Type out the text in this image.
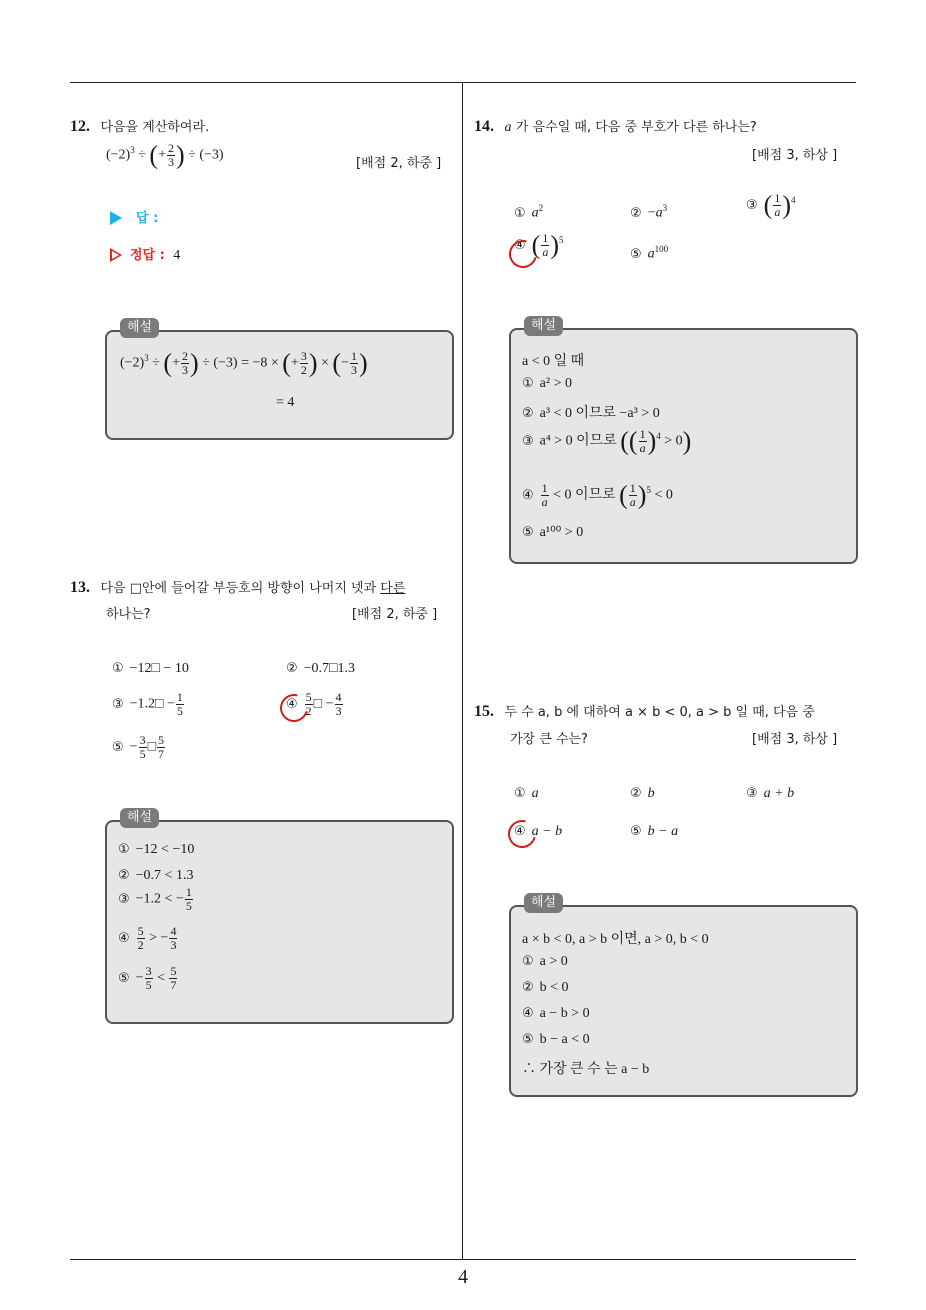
12. 다음을 계산하여라.
$(-2)^3$ ÷ (+ $\frac{2}{3}$ ) ÷ (−3)
[배점 2, 하중 ]
답 :
정답 : 4
해설
$(-2)^3$ ÷ (+ $\frac{2}{3}$ ) ÷ (−3) = −8 × (+ $\frac{3}{2}$ ) × (− $\frac{1}{3}$ )
= 4
13. 다음 □안에 들어갈 부등호의 방향이 나머지 넷과 다른
하나는?	[배점 2, 하중 ]
① −12□ − 10	② −0.7□1.3
③ −1.2□ − $\frac{1}{5}$	④ $\frac{5}{2}$ □ − $\frac{4}{3}$
⑤ − $\frac{3}{5}$ □ $\frac{5}{7}$
해설
① −12 < −10
② −0.7 < 1.3
③ −1.2 < − $\frac{1}{5}$
④ $\frac{5}{2}$ > − $\frac{4}{3}$
⑤ − $\frac{3}{5} < \frac{5}{7}$
14. a 가 음수일 때, 다음 중 부호가 다른 하나는?
[배점 3, 하상 ]
① $a^2$	② $-a^3$	③ ( $\frac{1}{a} )^4$
④ ( $\frac{1}{a} )^5$
⑤ $a^{100}$
해설
a < 0 일 때
① a² > 0
② a³ < 0 이므로 −a³ > 0
③ a⁴ > 0 이므로 (( $\frac{1}{a} )^4 > 0$)
④ $\frac{1}{a} < 0$ 이므로 ( $\frac{1}{a} )^5 < 0$
⑤ a¹⁰⁰ > 0
15. 두 수 a, b 에 대하여 a × b < 0, a > b 일 때, 다음 중
가장 큰 수는?	[배점 3, 하상 ]
① a	② b	③ a + b
④ a − b	⑤ b − a
해설
a × b < 0, a > b 이면, a > 0, b < 0
① a > 0
② b < 0
④ a − b > 0
⑤ b − a < 0
∴ 가장 큰 수 는 a − b
4
